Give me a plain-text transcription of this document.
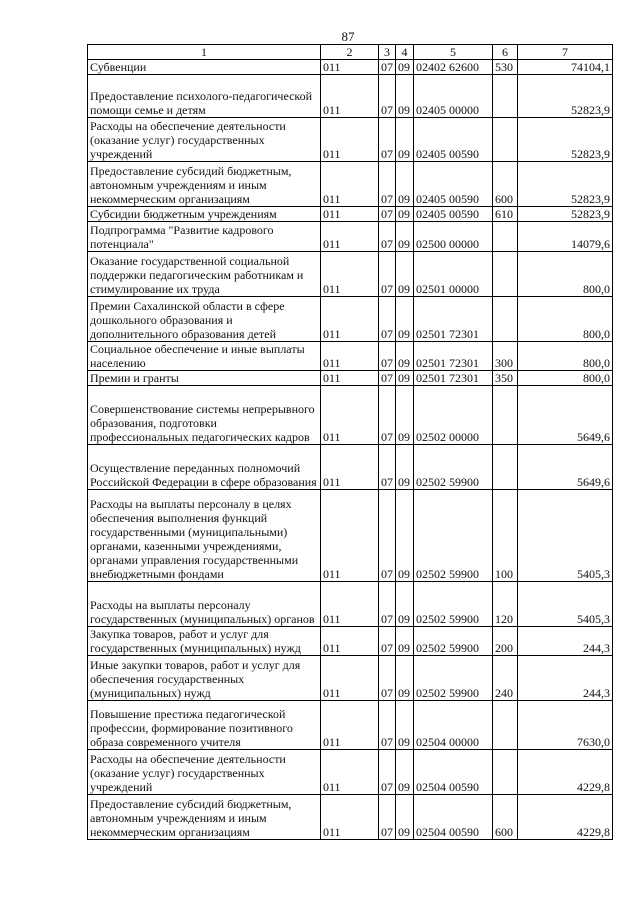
87
1	2	3	4	5	6	7
Субвенции	011	07	09	02402 62600	530	74104,1
Предоставление психолого-педагогической помощи семье и детям	011	07	09	02405 00000		52823,9
Расходы на обеспечение деятельности (оказание услуг) государственных учреждений	011	07	09	02405 00590		52823,9
Предоставление субсидий бюджетным, автономным учреждениям и иным некоммерческим организациям	011	07	09	02405 00590	600	52823,9
Субсидии бюджетным учреждениям	011	07	09	02405 00590	610	52823,9
Подпрограмма "Развитие кадрового потенциала"	011	07	09	02500 00000		14079,6
Оказание государственной социальной поддержки педагогическим работникам и стимулирование их труда	011	07	09	02501 00000		800,0
Премии Сахалинской области в сфере дошкольного образования и дополнительного образования детей	011	07	09	02501 72301		800,0
Социальное обеспечение и иные выплаты населению	011	07	09	02501 72301	300	800,0
Премии и гранты	011	07	09	02501 72301	350	800,0
Совершенствование системы непрерывного образования, подготовки профессиональных педагогических кадров	011	07	09	02502 00000		5649,6
Осуществление переданных полномочий Российской Федерации в сфере образования	011	07	09	02502 59900		5649,6
Расходы на выплаты персоналу в целях обеспечения выполнения функций государственными (муниципальными) органами, казенными учреждениями, органами управления государственными внебюджетными фондами	011	07	09	02502 59900	100	5405,3
Расходы на выплаты персоналу государственных (муниципальных) органов	011	07	09	02502 59900	120	5405,3
Закупка товаров, работ и услуг для государственных (муниципальных) нужд	011	07	09	02502 59900	200	244,3
Иные закупки товаров, работ и услуг для обеспечения государственных (муниципальных) нужд	011	07	09	02502 59900	240	244,3
Повышение престижа педагогической профессии, формирование позитивного образа современного учителя	011	07	09	02504 00000		7630,0
Расходы на обеспечение деятельности (оказание услуг) государственных учреждений	011	07	09	02504 00590		4229,8
Предоставление субсидий бюджетным, автономным учреждениям и иным некоммерческим организациям	011	07	09	02504 00590	600	4229,8
